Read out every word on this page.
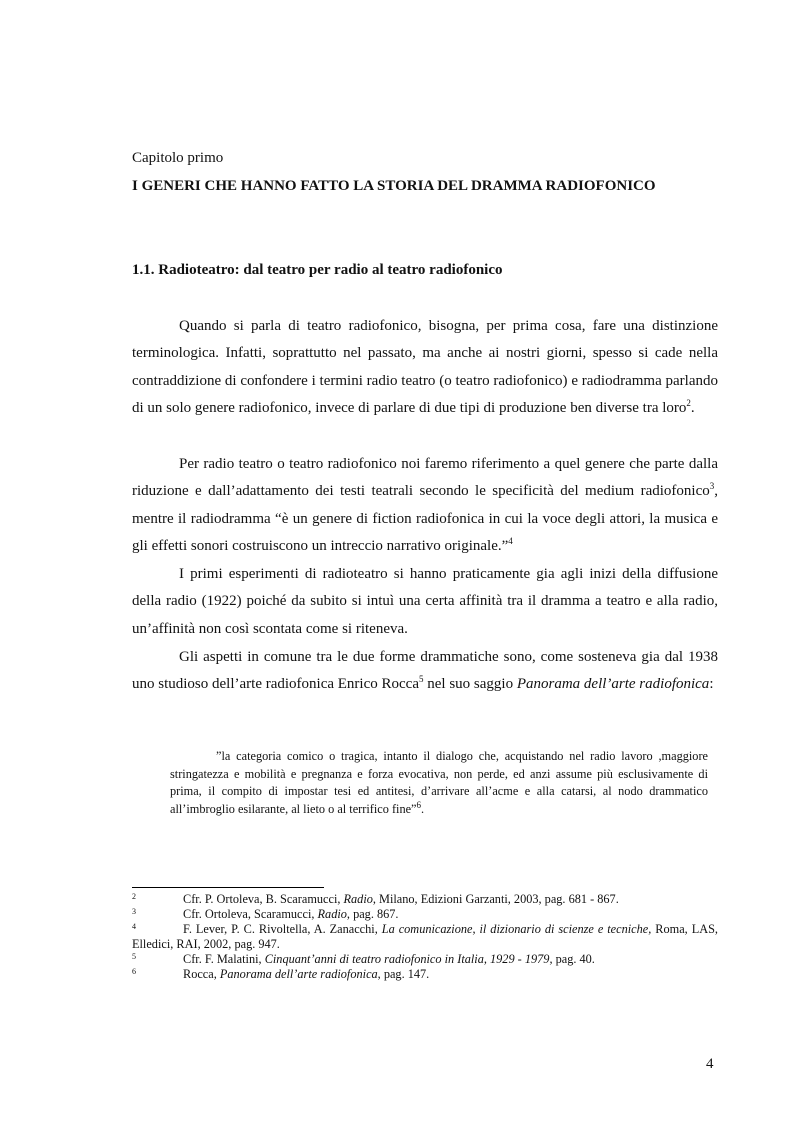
Capitolo primo
I GENERI CHE HANNO FATTO LA STORIA DEL DRAMMA RADIOFONICO
1.1. Radioteatro: dal teatro per radio al teatro radiofonico

Quando si parla di teatro radiofonico, bisogna, per prima cosa, fare una distinzione terminologica. Infatti, soprattutto nel passato, ma anche ai nostri giorni, spesso si cade nella contraddizione di confondere i termini radio teatro (o teatro radiofonico) e radiodramma parlando di un solo genere radiofonico, invece di parlare di due tipi di produzione ben diverse tra loro$^2$.

Per radio teatro o teatro radiofonico noi faremo riferimento a quel genere che parte dalla riduzione e dall’adattamento dei testi teatrali secondo le specificità del medium radiofonico$^3$, mentre il radiodramma “è un genere di fiction radiofonica in cui la voce degli attori, la musica e gli effetti sonori costruiscono un intreccio narrativo originale.”$^4$

I primi esperimenti di radioteatro si hanno praticamente gia agli inizi della diffusione della radio (1922) poiché da subito si intuì una certa affinità tra il dramma a teatro e alla radio, un’affinità non così scontata come si riteneva.

Gli aspetti in comune tra le due forme drammatiche sono, come sosteneva gia dal 1938 uno studioso dell’arte radiofonica Enrico Rocca$^5$ nel suo saggio Panorama dell’arte radiofonica:

”la categoria comico o tragica, intanto il dialogo che, acquistando nel radio lavoro ,maggiore stringatezza e mobilità e pregnanza e forza evocativa, non perde, ed anzi assume più esclusivamente di prima, il compito di impostar tesi ed antitesi, d’arrivare all’acme e alla catarsi, al nodo drammatico all’imbroglio esilarante, al lieto o al terrifico fine”$^6$.
2	Cfr. P. Ortoleva, B. Scaramucci, Radio, Milano, Edizioni Garzanti, 2003, pag. 681 - 867.
3	Cfr. Ortoleva, Scaramucci, Radio, pag. 867.
4	F. Lever, P. C. Rivoltella, A. Zanacchi, La comunicazione, il dizionario di scienze e tecniche, Roma, LAS, Elledici, RAI, 2002, pag. 947.
5	Cfr. F. Malatini, Cinquant’anni di teatro radiofonico in Italia, 1929 - 1979, pag. 40.
6	Rocca, Panorama dell’arte radiofonica, pag. 147.
4
